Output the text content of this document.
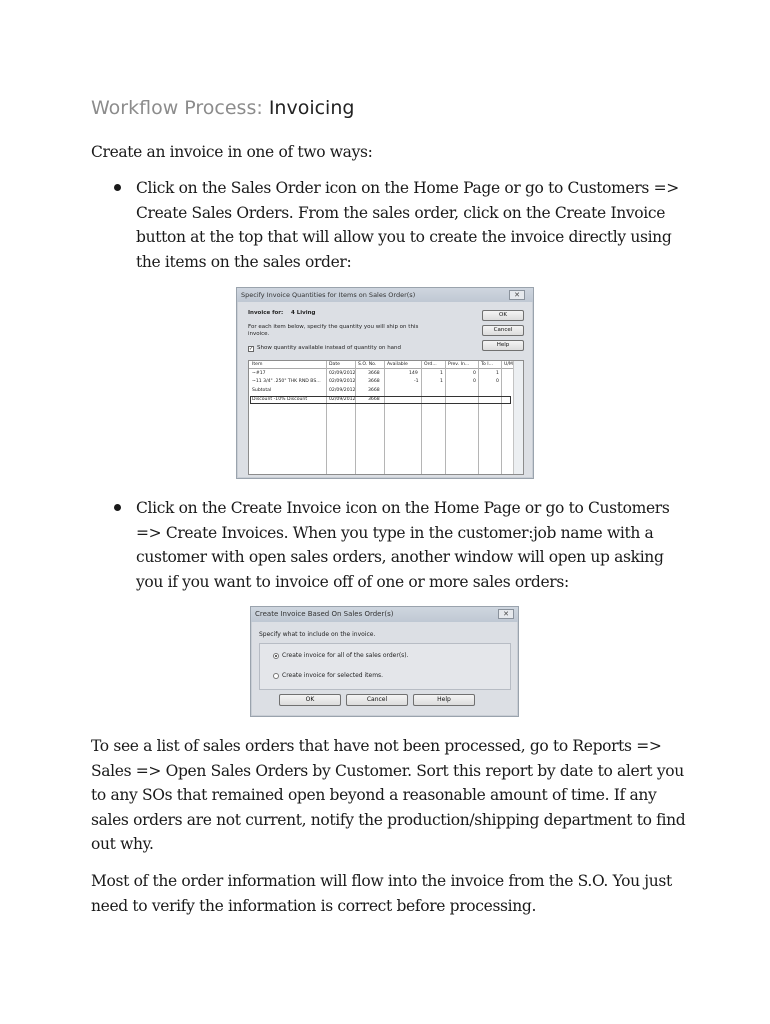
Workflow Process: Invoicing

Create an invoice in one of two ways:

Click on the Sales Order icon on the Home Page or go to Customers => Create Sales Orders. From the sales order, click on the Create Invoice button at the top that will allow you to create the invoice directly using the items on the sales order:

Specify Invoice Quantities for Items on Sales Order(s)	✕
Invoice for: 4 Living
For each item below, specify the quantity you will ship on this invoice.
✓ Show quantity available instead of quantity on hand
OK
Cancel
Help
Item	Date	S.O. No. Available	Ord... Prev. In...	To I... U/M
~#17	02/09/2012	3668	149	1	0	1
~11 3/4" .250" THK RND BS... 02/09/2012	3668	-1	1	0	0
Subtotal	02/09/2012	3668
Discount -10% Discount	02/09/2012	3668

Click on the Create Invoice icon on the Home Page or go to Customers => Create Invoices. When you type in the customer:job name with a customer with open sales orders, another window will open up asking you if you want to invoice off of one or more sales orders:

Create Invoice Based On Sales Order(s)	✕
Specify what to include on the invoice.
Create invoice for all of the sales order(s).
Create invoice for selected items.
OK	Cancel	Help

To see a list of sales orders that have not been processed, go to Reports => Sales => Open Sales Orders by Customer. Sort this report by date to alert you to any SOs that remained open beyond a reasonable amount of time. If any sales orders are not current, notify the production/shipping department to find out why.

Most of the order information will flow into the invoice from the S.O. You just need to verify the information is correct before processing.
